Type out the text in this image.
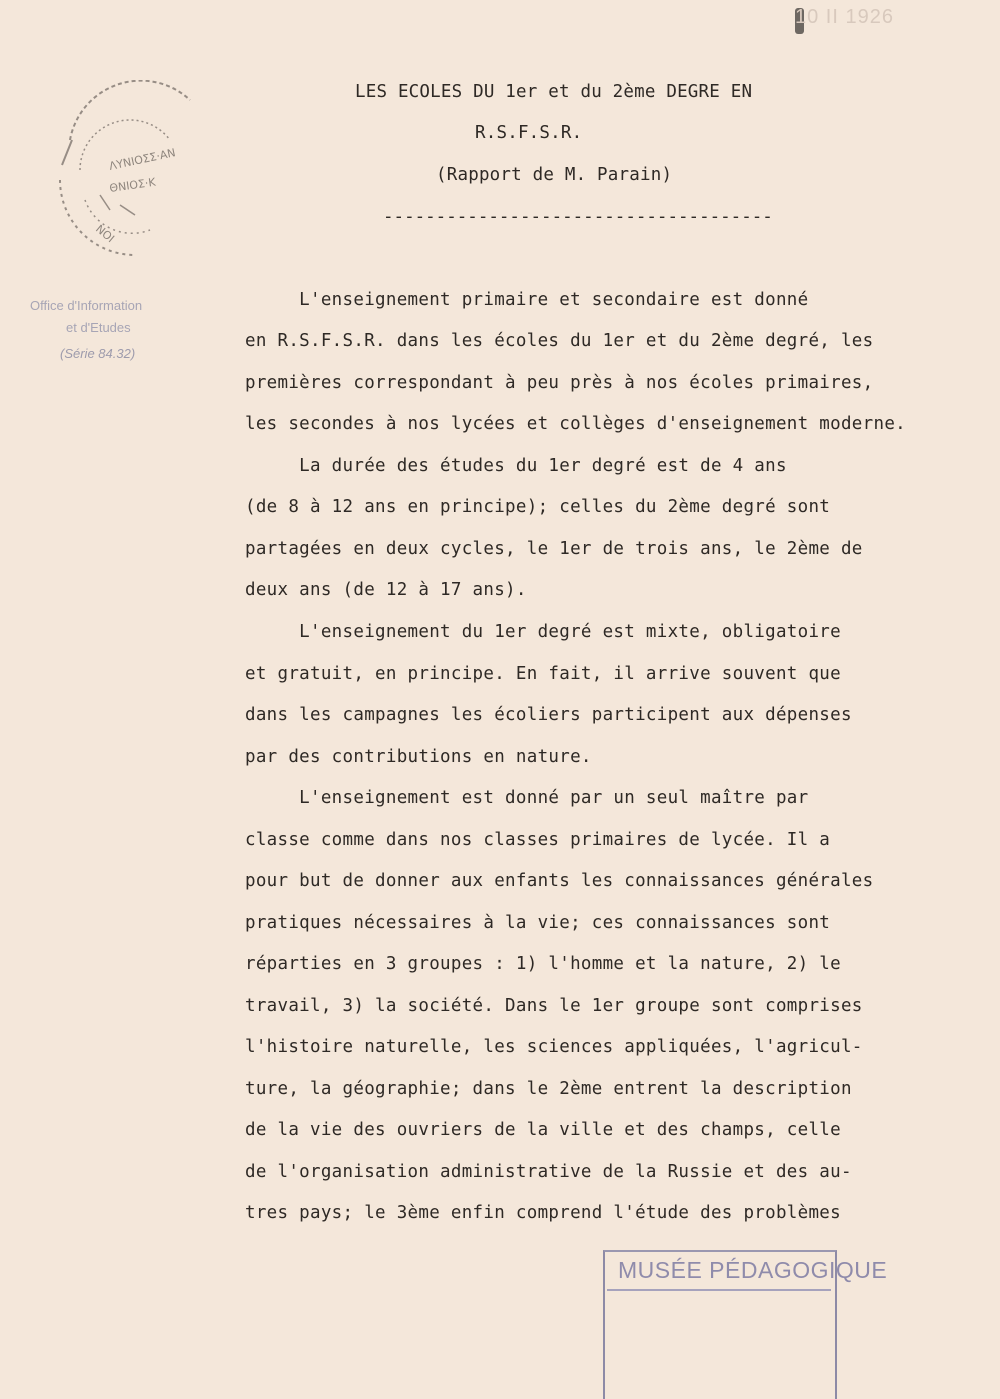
10 II 1926
ΛΥΝΙΟΣΣ·ΑΝ
ΘΝΙΟΣ·Κ
ΝΟΙ
Office d'Information
et d'Etudes
(Série 84.32)
LES ECOLES DU 1er et du 2ème DEGRE EN
R.S.F.S.R.
(Rapport de M. Parain)
-------------------------------------
L'enseignement primaire et secondaire est donné
en R.S.F.S.R. dans les écoles du 1er et du 2ème degré, les
premières correspondant à peu près à nos écoles primaires,
les secondes à nos lycées et collèges d'enseignement moderne.
La durée des études du 1er degré est de 4 ans
(de 8 à 12 ans en principe); celles du 2ème degré sont
partagées en deux cycles, le 1er de trois ans, le 2ème de
deux ans (de 12 à 17 ans).
L'enseignement du 1er degré est mixte, obligatoire
et gratuit, en principe. En fait, il arrive souvent que
dans les campagnes les écoliers participent aux dépenses
par des contributions en nature.
L'enseignement est donné par un seul maître par
classe comme dans nos classes primaires de lycée. Il a
pour but de donner aux enfants les connaissances générales
pratiques nécessaires à la vie; ces connaissances sont
réparties en 3 groupes : 1) l'homme et la nature, 2) le
travail, 3) la société. Dans le 1er groupe sont comprises
l'histoire naturelle, les sciences appliquées, l'agricul-
ture, la géographie; dans le 2ème entrent la description
de la vie des ouvriers de la ville et des champs, celle
de l'organisation administrative de la Russie et des au-
tres pays; le 3ème enfin comprend l'étude des problèmes
MUSÉE PÉDAGOGIQUE
